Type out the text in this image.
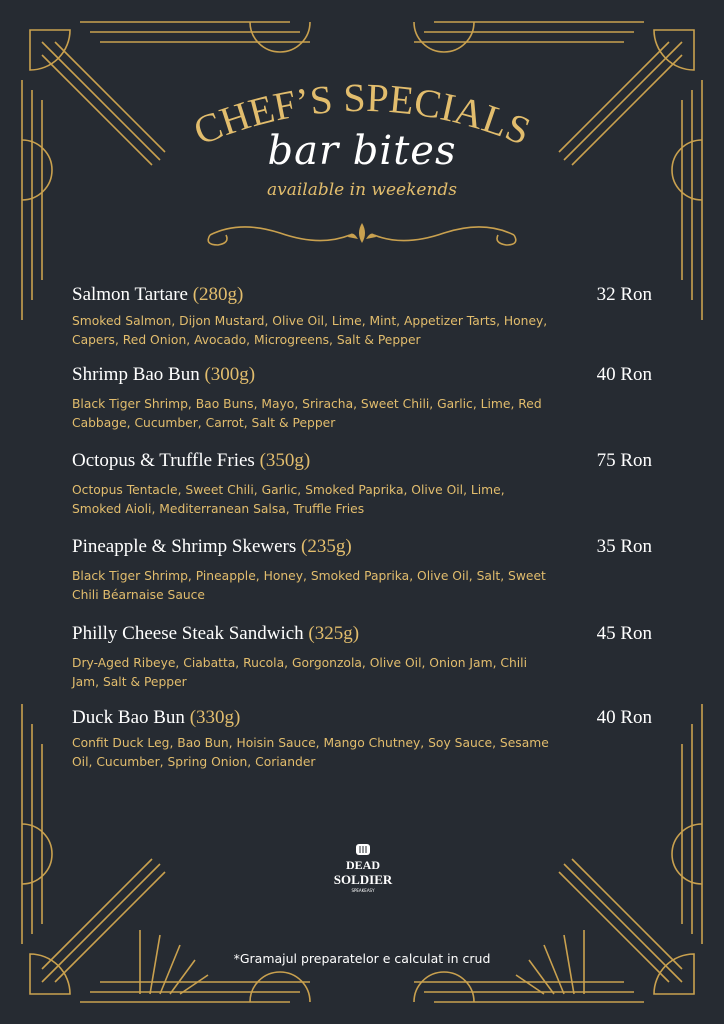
CHEF’S SPECIALS
bar bites
available in weekends
Salmon Tartare (280g)	32 Ron
Smoked Salmon, Dijon Mustard, Olive Oil, Lime, Mint, Appetizer Tarts, Honey, Capers, Red Onion, Avocado, Microgreens, Salt & Pepper
Shrimp Bao Bun (300g)	40 Ron
Black Tiger Shrimp, Bao Buns, Mayo, Sriracha, Sweet Chili, Garlic, Lime, Red Cabbage, Cucumber, Carrot, Salt & Pepper
Octopus & Truffle Fries (350g)	75 Ron
Octopus Tentacle, Sweet Chili, Garlic, Smoked Paprika, Olive Oil, Lime, Smoked Aioli, Mediterranean Salsa, Truffle Fries
Pineapple & Shrimp Skewers (235g)	35 Ron
Black Tiger Shrimp, Pineapple, Honey, Smoked Paprika, Olive Oil, Salt, Sweet Chili Béarnaise Sauce
Philly Cheese Steak Sandwich (325g)	45 Ron
Dry-Aged Ribeye, Ciabatta, Rucola, Gorgonzola, Olive Oil, Onion Jam, Chili Jam, Salt & Pepper
Duck Bao Bun (330g)	40 Ron
Confit Duck Leg, Bao Bun, Hoisin Sauce, Mango Chutney, Soy Sauce, Sesame Oil, Cucumber, Spring Onion, Coriander
DEAD
SOLDIER
SPEAKEASY
*Gramajul preparatelor e calculat in crud
